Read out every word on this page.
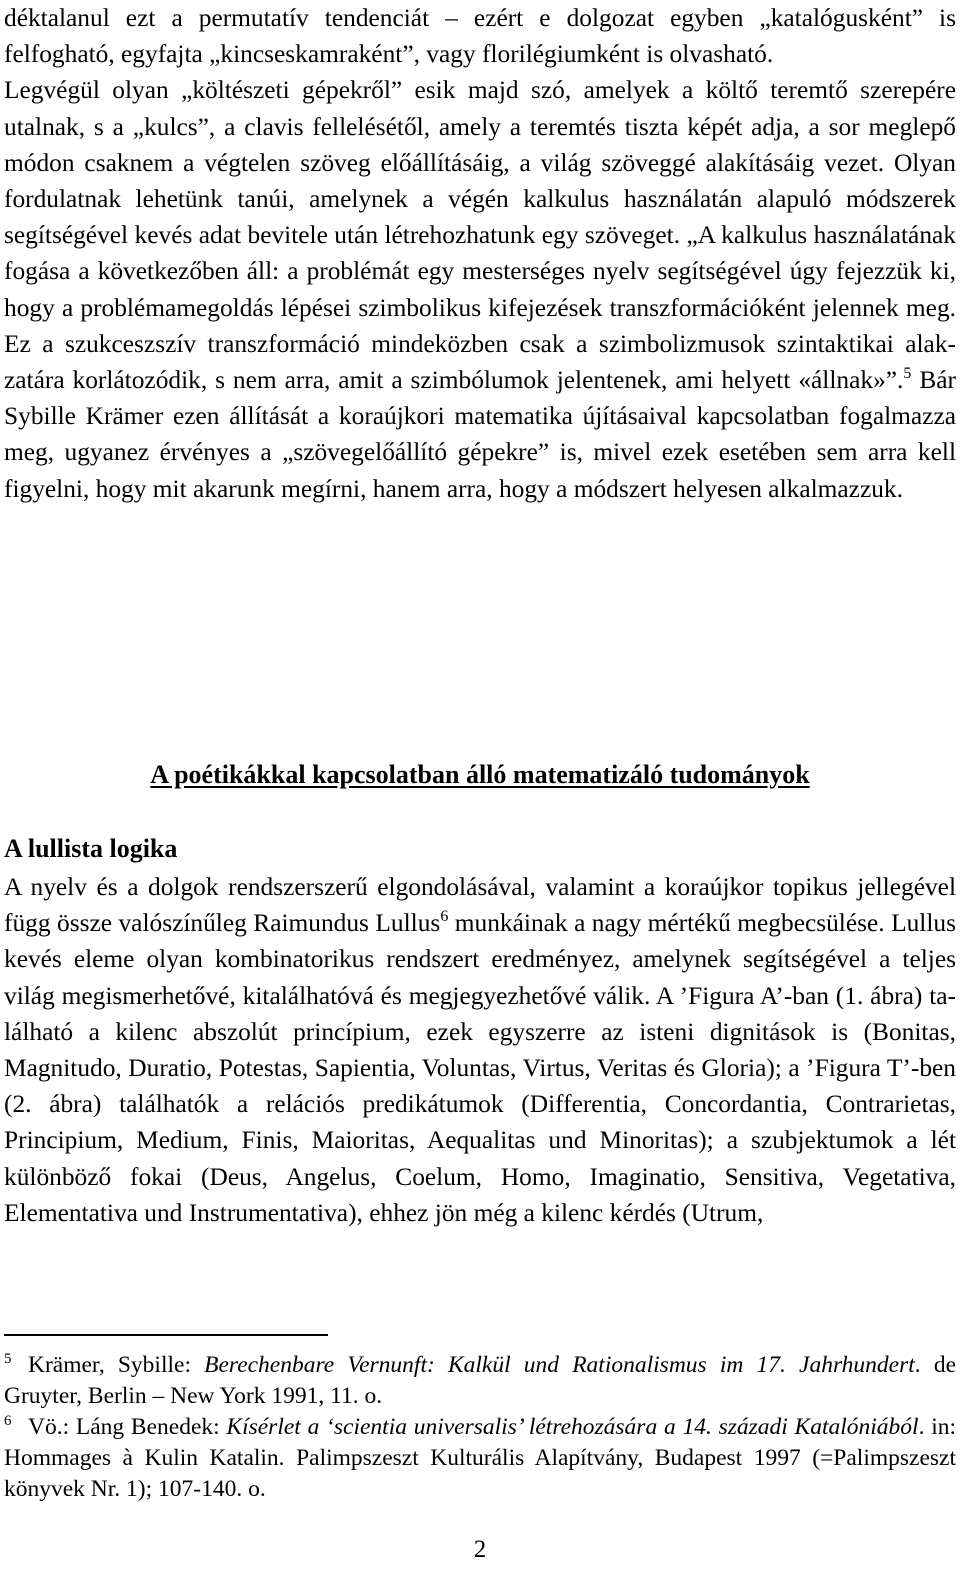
déktalanul ezt a permutatív tendenciát – ezért e dolgozat egyben „katalógusként” is felfogható, egyfajta „kincseskamraként”, vagy florilégiumként is olvasható.

Legvégül olyan „költészeti gépekről” esik majd szó, amelyek a költő teremtő szerepére utalnak, s a „kulcs”, a clavis fellelésétől, amely a teremtés tiszta képét adja, a sor meglepő módon csaknem a végtelen szöveg előállításáig, a világ szöveggé alakításáig vezet. Olyan fordulatnak lehetünk tanúi, amelynek a végén kalkulus használatán alapuló módszerek segítségével kevés adat bevitele után létrehozhatunk egy szöveget. „A kalkulus használatának fogása a következőben áll: a problémát egy mesterséges nyelv segítségével úgy fejezzük ki, hogy a problémamegoldás lépései szimbolikus kifejezések transzformációként jelennek meg. Ez a szukceszszív transzformáció mindeközben csak a szimbolizmusok szintaktikai alakzatára korlátozódik, s nem arra, amit a szimbólumok jelentenek, ami helyett «állnak»”.$^5$ Bár Sybille Krämer ezen állítását a koraújkori matematika újításaival kapcsolatban fogalmazza meg, ugyanez érvényes a „szövegelőállító gépekre” is, mivel ezek esetében sem arra kell figyelni, hogy mit akarunk megírni, hanem arra, hogy a módszert helyesen alkalmazzuk.

A poétikákkal kapcsolatban álló matematizáló tudományok
A lullista logika

A nyelv és a dolgok rendszerszerű elgondolásával, valamint a koraújkor topikus jellegével függ össze valószínűleg Raimundus Lullus$^6$ munkáinak a nagy mértékű megbecsülése. Lullus kevés eleme olyan kombinatorikus rendszert eredményez, amelynek segítségével a teljes világ megismerhetővé, kitalálhatóvá és megjegyezhetővé válik. A ’Figura A’-ban (1. ábra) található a kilenc abszolút princípium, ezek egyszerre az isteni dignitások is (Bonitas, Magnitudo, Duratio, Potestas, Sapientia, Voluntas, Virtus, Veritas és Gloria); a ’Figura T’-ben (2. ábra) találhatók a relációs predikátumok (Differentia, Concordantia, Contrarietas, Principium, Medium, Finis, Maioritas, Aequalitas und Minoritas); a szubjektumok a lét különböző fokai (Deus, Angelus, Coelum, Homo, Imaginatio, Sensitiva, Vegetativa, Elementativa und Instrumentativa), ehhez jön még a kilenc kérdés (Utrum,

$^5$ Krämer, Sybille: Berechenbare Vernunft: Kalkül und Rationalismus im 17. Jahrhundert. de Gruyter, Berlin – New York 1991, 11. o.

$^6$ Vö.: Láng Benedek: Kísérlet a ‘scientia universalis’ létrehozására a 14. századi Katalóniából. in: Hommages à Kulin Katalin. Palimpszeszt Kulturális Alapítvány, Budapest 1997 (=Palimpszeszt könyvek Nr. 1); 107-140. o.

2
